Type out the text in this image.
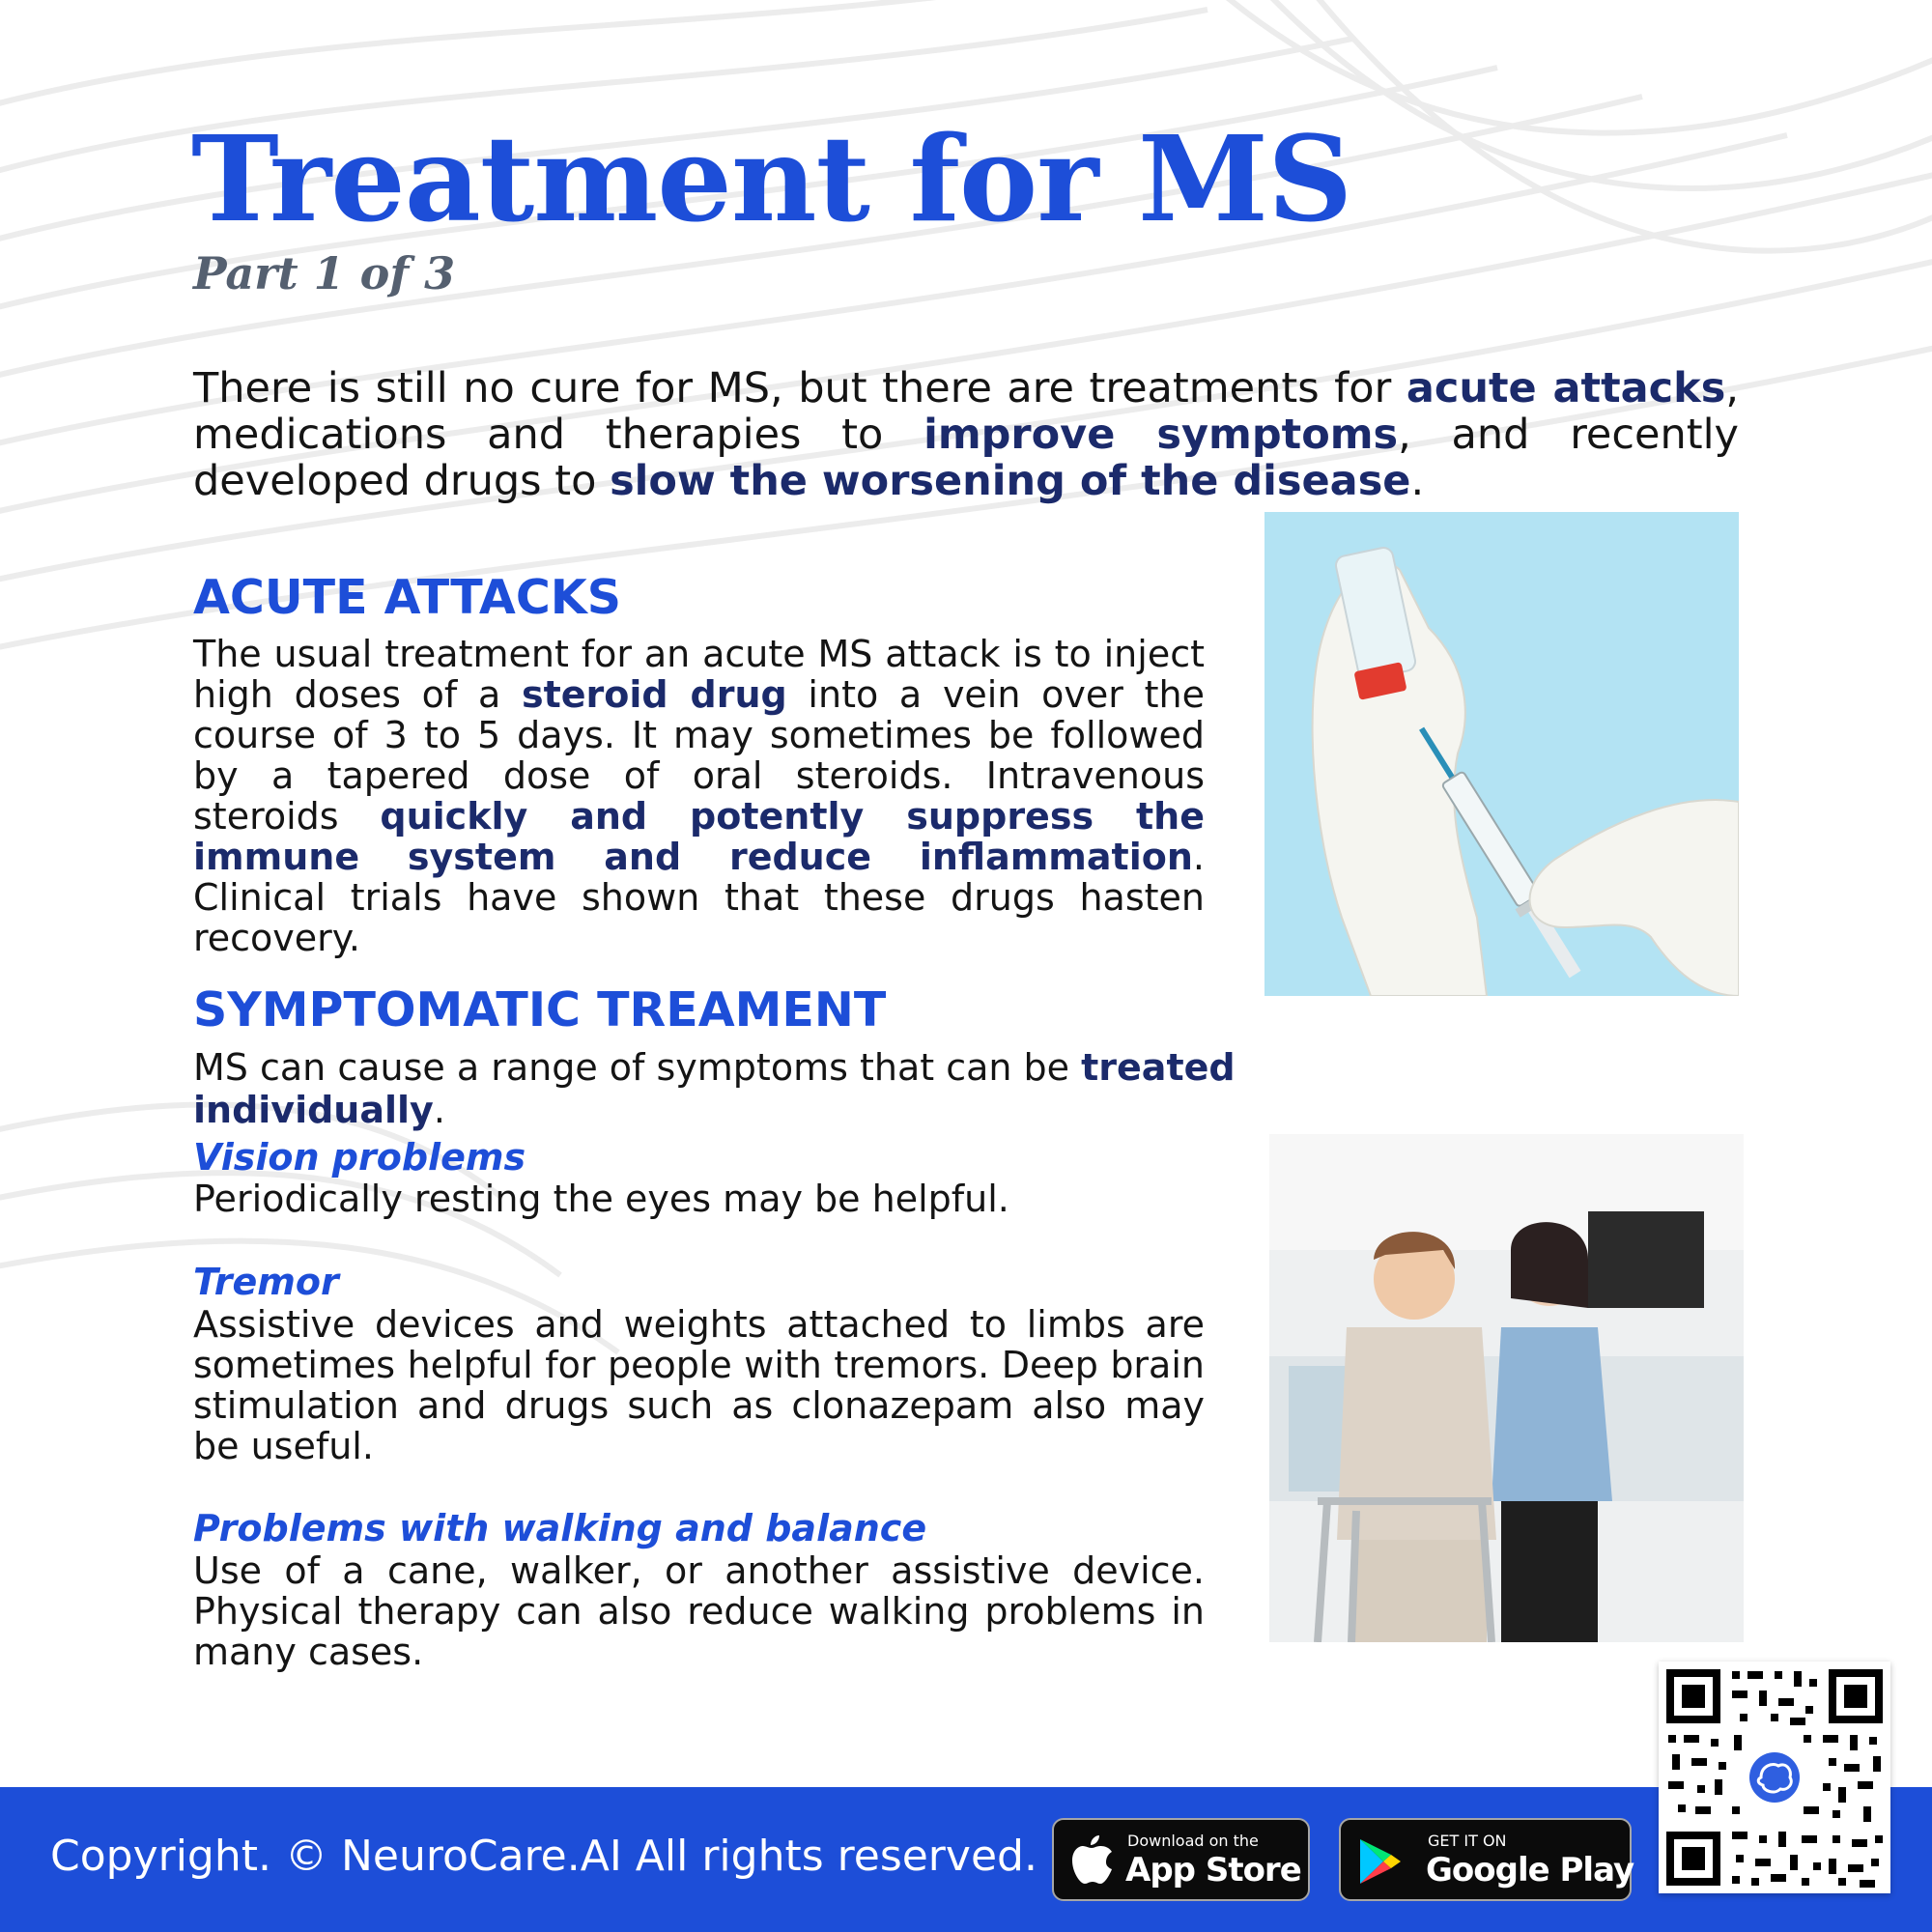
Treatment for MS
Part 1 of 3

There is still no cure for MS, but there are treatments for acute attacks, medications and therapies to improve symptoms, and recently developed drugs to slow the worsening of the disease.

ACUTE ATTACKS

The usual treatment for an acute MS attack is to inject high doses of a steroid drug into a vein over the course of 3 to 5 days. It may sometimes be followed by a tapered dose of oral steroids. Intravenous steroids quickly and potently suppress the immune system and reduce inflammation. Clinical trials have shown that these drugs hasten recovery.

SYMPTOMATIC TREAMENT

MS can cause a range of symptoms that can be treated individually.

Vision problems

Periodically resting the eyes may be helpful.

Tremor

Assistive devices and weights attached to limbs are sometimes helpful for people with tremors. Deep brain stimulation and drugs such as clonazepam also may be useful.

Problems with walking and balance

Use of a cane, walker, or another assistive device. Physical therapy can also reduce walking problems in many cases.

Copyright. © NeuroCare.AI All rights reserved.	Download on the
App Store
GET IT ON
Google Play
